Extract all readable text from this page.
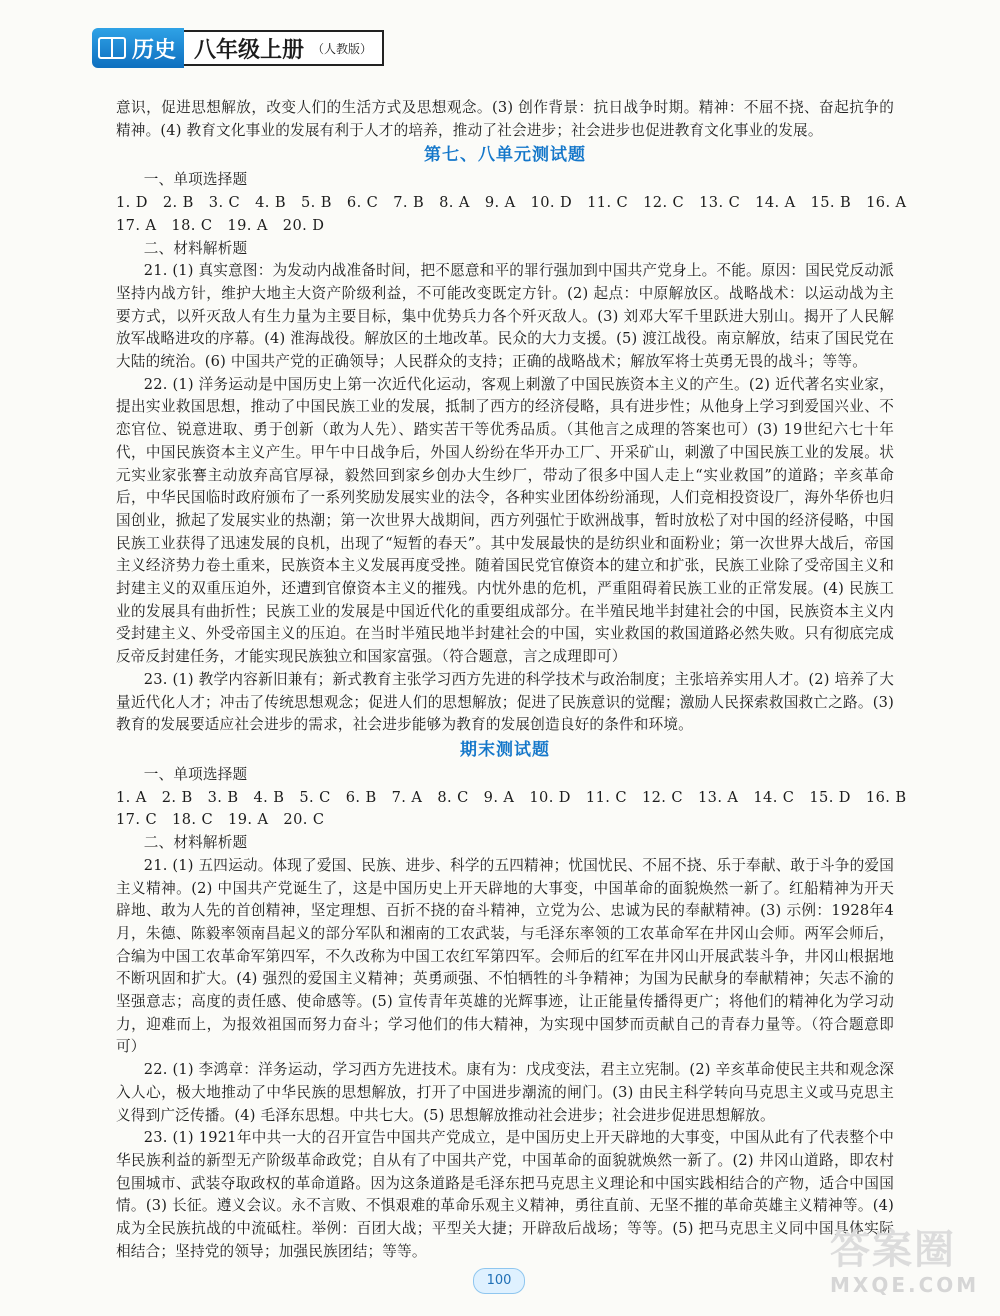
历史 八年级上册 （人教版）

意识，促进思想解放，改变人们的生活方式及思想观念。(3) 创作背景：抗日战争时期。精神：不屈不挠、奋起抗争的精神。(4) 教育文化事业的发展有利于人才的培养，推动了社会进步；社会进步也促进教育文化事业的发展。

第七、八单元测试题

一、单项选择题

1. D 2. B 3. C 4. B 5. B 6. C 7. B 8. A 9. A 10. D 11. C 12. C 13. C 14. A 15. B 16. A

17. A 18. C 19. A 20. D

二、材料解析题

21. (1) 真实意图：为发动内战准备时间，把不愿意和平的罪行强加到中国共产党身上。不能。原因：国民党反动派坚持内战方针，维护大地主大资产阶级利益，不可能改变既定方针。(2) 起点：中原解放区。战略战术：以运动战为主要方式，以歼灭敌人有生力量为主要目标，集中优势兵力各个歼灭敌人。(3) 刘邓大军千里跃进大别山。揭开了人民解放军战略进攻的序幕。(4) 淮海战役。解放区的土地改革。民众的大力支援。(5) 渡江战役。南京解放，结束了国民党在大陆的统治。(6) 中国共产党的正确领导；人民群众的支持；正确的战略战术；解放军将士英勇无畏的战斗；等等。

22. (1) 洋务运动是中国历史上第一次近代化运动，客观上刺激了中国民族资本主义的产生。(2) 近代著名实业家，提出实业救国思想，推动了中国民族工业的发展，抵制了西方的经济侵略，具有进步性；从他身上学习到爱国兴业、不恋官位、锐意进取、勇于创新（敢为人先）、踏实苦干等优秀品质。（其他言之成理的答案也可）(3) 19世纪六七十年代，中国民族资本主义产生。甲午中日战争后，外国人纷纷在华开办工厂、开采矿山，刺激了中国民族工业的发展。状元实业家张謇主动放弃高官厚禄，毅然回到家乡创办大生纱厂，带动了很多中国人走上“实业救国”的道路；辛亥革命后，中华民国临时政府颁布了一系列奖励发展实业的法令，各种实业团体纷纷涌现，人们竞相投资设厂，海外华侨也归国创业，掀起了发展实业的热潮；第一次世界大战期间，西方列强忙于欧洲战事，暂时放松了对中国的经济侵略，中国民族工业获得了迅速发展的良机，出现了“短暂的春天”。其中发展最快的是纺织业和面粉业；第一次世界大战后，帝国主义经济势力卷土重来，民族资本主义发展再度受挫。随着国民党官僚资本的建立和扩张，民族工业除了受帝国主义和封建主义的双重压迫外，还遭到官僚资本主义的摧残。内忧外患的危机，严重阻碍着民族工业的正常发展。(4) 民族工业的发展具有曲折性；民族工业的发展是中国近代化的重要组成部分。在半殖民地半封建社会的中国，民族资本主义内受封建主义、外受帝国主义的压迫。在当时半殖民地半封建社会的中国，实业救国的救国道路必然失败。只有彻底完成反帝反封建任务，才能实现民族独立和国家富强。（符合题意，言之成理即可）

23. (1) 教学内容新旧兼有；新式教育主张学习西方先进的科学技术与政治制度；主张培养实用人才。(2) 培养了大量近代化人才；冲击了传统思想观念；促进人们的思想解放；促进了民族意识的觉醒；激励人民探索救国救亡之路。(3) 教育的发展要适应社会进步的需求，社会进步能够为教育的发展创造良好的条件和环境。

期末测试题

一、单项选择题

1. A 2. B 3. B 4. B 5. C 6. B 7. A 8. C 9. A 10. D 11. C 12. C 13. A 14. C 15. D 16. B

17. C 18. C 19. A 20. C

二、材料解析题

21. (1) 五四运动。体现了爱国、民族、进步、科学的五四精神；忧国忧民、不屈不挠、乐于奉献、敢于斗争的爱国主义精神。(2) 中国共产党诞生了，这是中国历史上开天辟地的大事变，中国革命的面貌焕然一新了。红船精神为开天辟地、敢为人先的首创精神，坚定理想、百折不挠的奋斗精神，立党为公、忠诚为民的奉献精神。(3) 示例：1928年4月，朱德、陈毅率领南昌起义的部分军队和湘南的工农武装，与毛泽东率领的工农革命军在井冈山会师。两军会师后，合编为中国工农革命军第四军，不久改称为中国工农红军第四军。会师后的红军在井冈山开展武装斗争，井冈山根据地不断巩固和扩大。(4) 强烈的爱国主义精神；英勇顽强、不怕牺牲的斗争精神；为国为民献身的奉献精神；矢志不渝的坚强意志；高度的责任感、使命感等。(5) 宣传青年英雄的光辉事迹，让正能量传播得更广；将他们的精神化为学习动力，迎难而上，为报效祖国而努力奋斗；学习他们的伟大精神，为实现中国梦而贡献自己的青春力量等。（符合题意即可）

22. (1) 李鸿章：洋务运动，学习西方先进技术。康有为：戊戌变法，君主立宪制。(2) 辛亥革命使民主共和观念深入人心，极大地推动了中华民族的思想解放，打开了中国进步潮流的闸门。(3) 由民主科学转向马克思主义或马克思主义得到广泛传播。(4) 毛泽东思想。中共七大。(5) 思想解放推动社会进步；社会进步促进思想解放。

23. (1) 1921年中共一大的召开宣告中国共产党成立，是中国历史上开天辟地的大事变，中国从此有了代表整个中华民族利益的新型无产阶级革命政党；自从有了中国共产党，中国革命的面貌就焕然一新了。(2) 井冈山道路，即农村包围城市、武装夺取政权的革命道路。因为这条道路是毛泽东把马克思主义理论和中国实践相结合的产物，适合中国国情。(3) 长征。遵义会议。永不言败、不惧艰难的革命乐观主义精神，勇往直前、无坚不摧的革命英雄主义精神等。(4) 成为全民族抗战的中流砥柱。举例：百团大战；平型关大捷；开辟敌后战场；等等。(5) 把马克思主义同中国具体实际相结合；坚持党的领导；加强民族团结；等等。

100
答案圈
MXQE.COM
